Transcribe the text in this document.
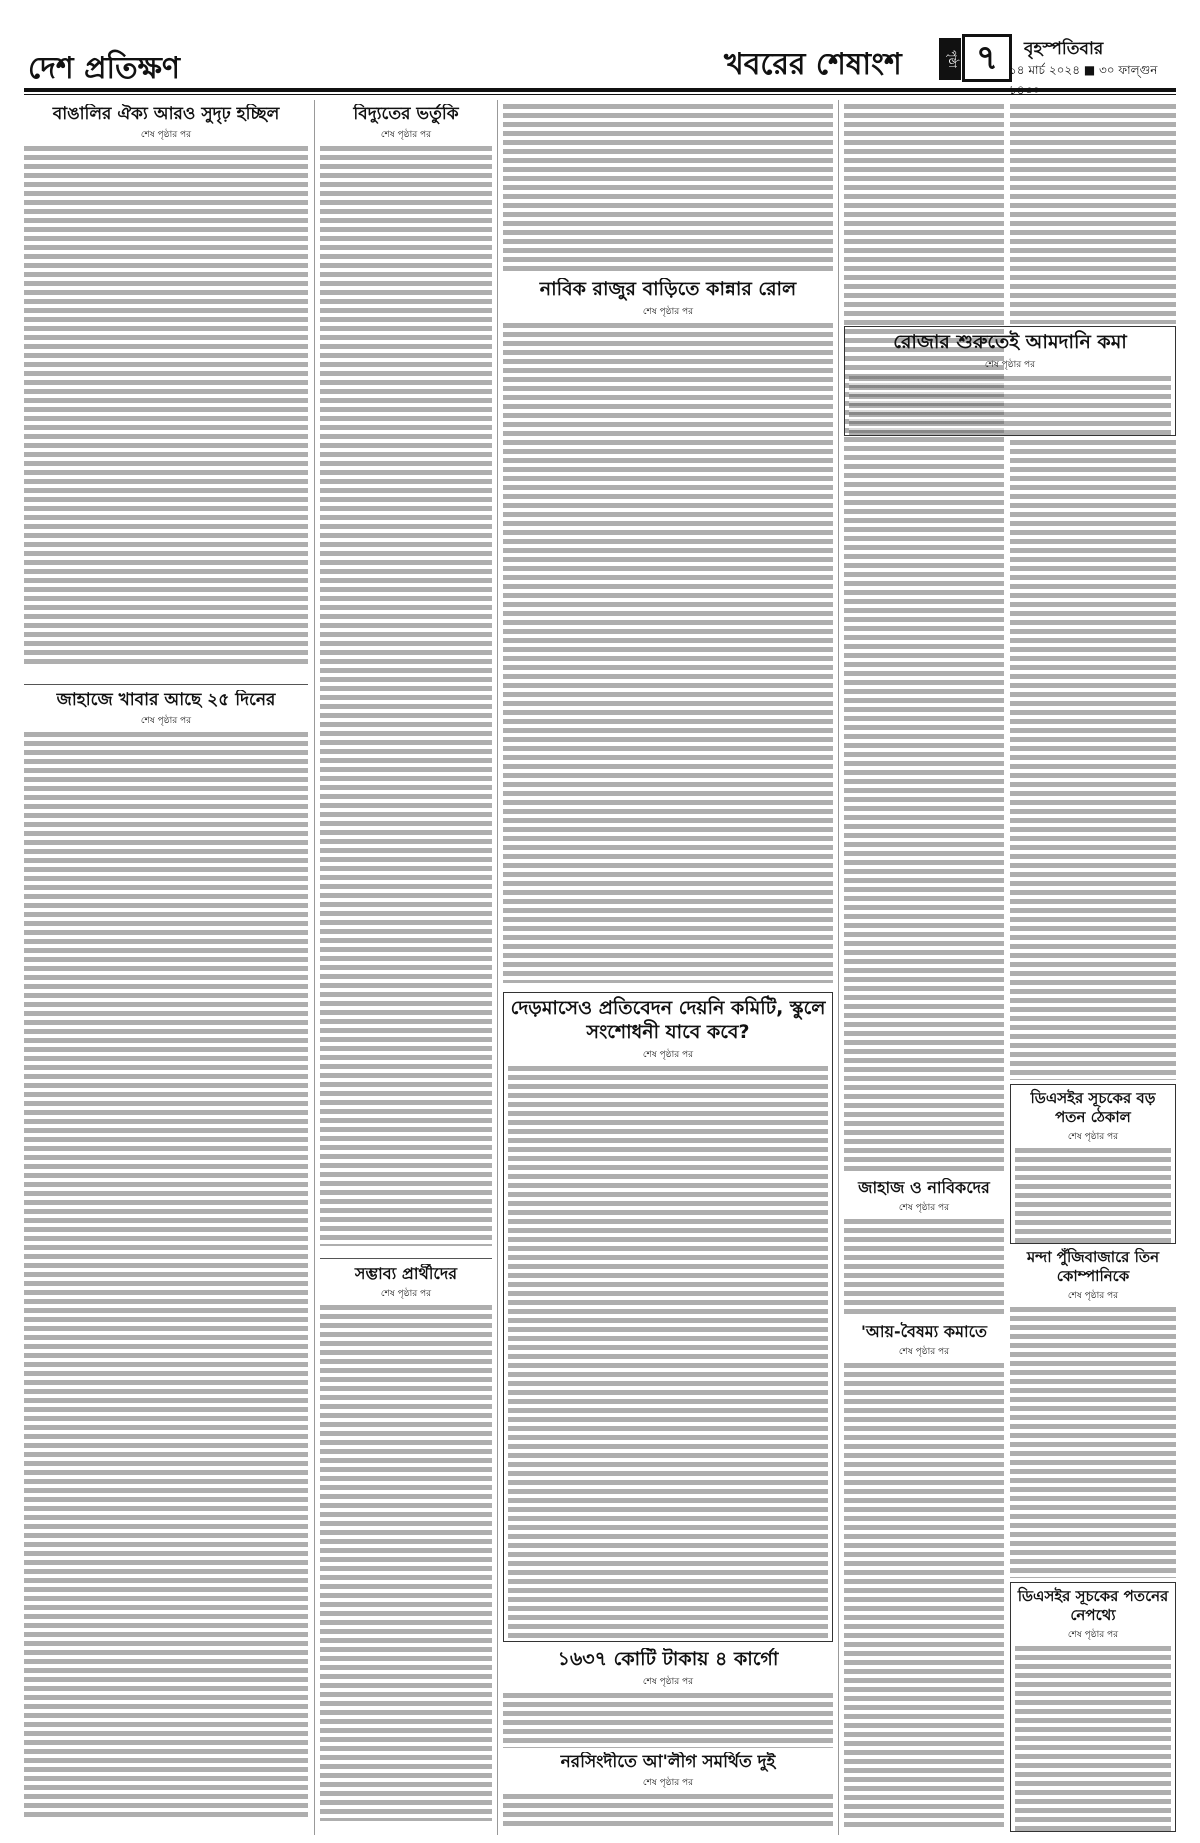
দেশ প্রতিক্ষণ	খবরের শেষাংশ	পৃষ্ঠা ৭	বৃহস্পতিবার
১৪ মার্চ ২০২৪ ■ ৩০ ফাল্গুন
বাঙালির ঐক্য আরও সুদৃঢ় হচ্ছিল
শেষ পৃষ্ঠার পর
জাহাজে খাবার আছে ২৫ দিনের
শেষ পৃষ্ঠার পর
বিদ্যুতের ভর্তুকি
শেষ পৃষ্ঠার পর
সম্ভাব্য প্রার্থীদের
শেষ পৃষ্ঠার পর
নাবিক রাজুর বাড়িতে কান্নার রোল
শেষ পৃষ্ঠার পর
দেড়মাসেও প্রতিবেদন দেয়নি কমিটি, স্কুলে সংশোধনী যাবে কবে?
শেষ পৃষ্ঠার পর
১৬৩৭ কোটি টাকায় ৪ কার্গো
শেষ পৃষ্ঠার পর
নরসিংদীতে আ'লীগ সমর্থিত দুই
শেষ পৃষ্ঠার পর
জাহাজ ও নাবিকদের
শেষ পৃষ্ঠার পর
'আয়-বৈষম্য কমাতে
শেষ পৃষ্ঠার পর
রোজার শুরুতেই আমদানি কমা
শেষ পৃষ্ঠার পর
ডিএসইর সূচকের বড় পতন ঠেকাল
শেষ পৃষ্ঠার পর
মন্দা পুঁজিবাজারে তিন কোম্পানিকে
শেষ পৃষ্ঠার পর
ডিএসইর সূচকের পতনের নেপথ্যে
শেষ পৃষ্ঠার পর
